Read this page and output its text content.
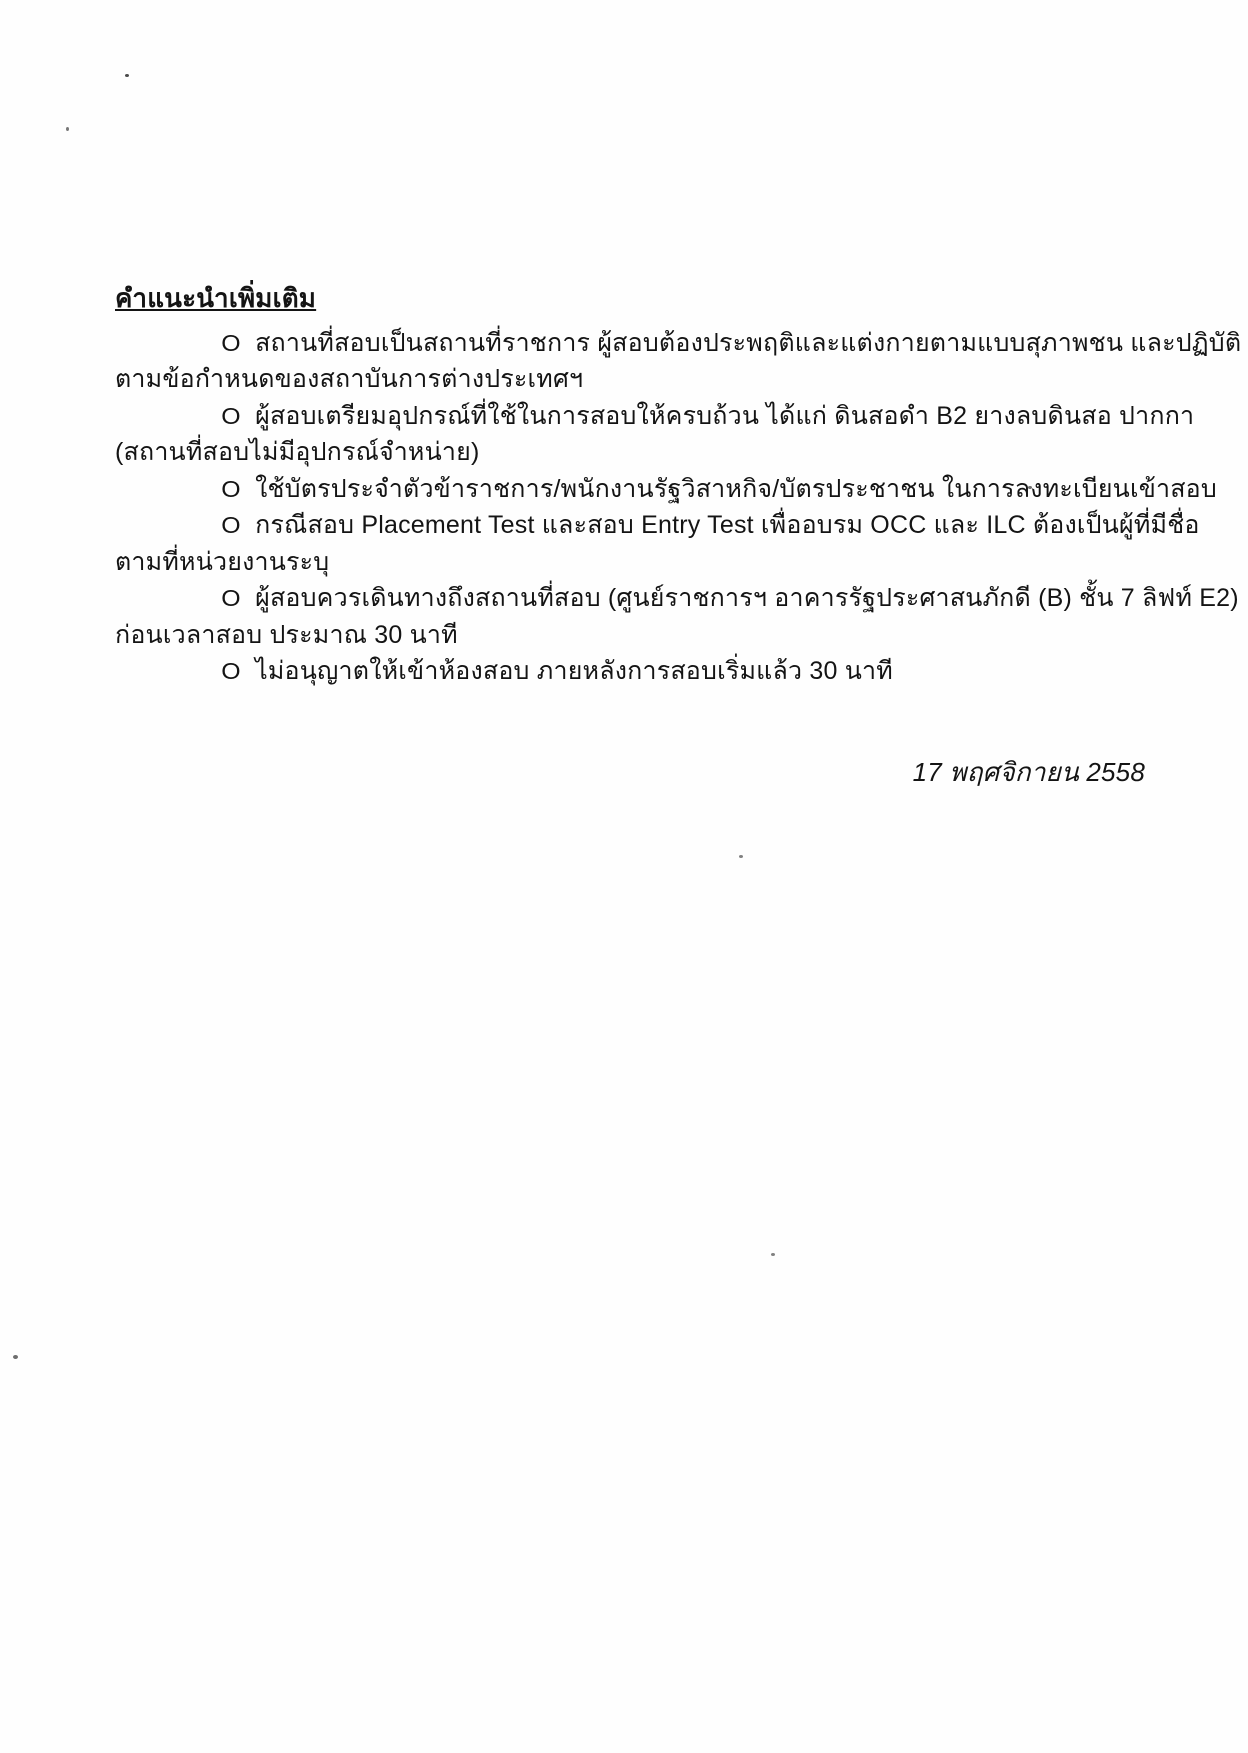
คำแนะนำเพิ่มเติม
O สถานที่สอบเป็นสถานที่ราชการ ผู้สอบต้องประพฤติและแต่งกายตามแบบสุภาพชน และปฏิบัติ
ตามข้อกำหนดของสถาบันการต่างประเทศฯ
O ผู้สอบเตรียมอุปกรณ์ที่ใช้ในการสอบให้ครบถ้วน ได้แก่ ดินสอดำ B2 ยางลบดินสอ ปากกา
(สถานที่สอบไม่มีอุปกรณ์จำหน่าย)
O ใช้บัตรประจำตัวข้าราชการ/พนักงานรัฐวิสาหกิจ/บัตรประชาชน ในการลงทะเบียนเข้าสอบ
O กรณีสอบ Placement Test และสอบ Entry Test เพื่ออบรม OCC และ ILC ต้องเป็นผู้ที่มีชื่อ
ตามที่หน่วยงานระบุ
O ผู้สอบควรเดินทางถึงสถานที่สอบ (ศูนย์ราชการฯ อาคารรัฐประศาสนภักดี (B) ชั้น 7 ลิฟท์ E2)
ก่อนเวลาสอบ ประมาณ 30 นาที
O ไม่อนุญาตให้เข้าห้องสอบ ภายหลังการสอบเริ่มแล้ว 30 นาที
17 พฤศจิกายน 2558
